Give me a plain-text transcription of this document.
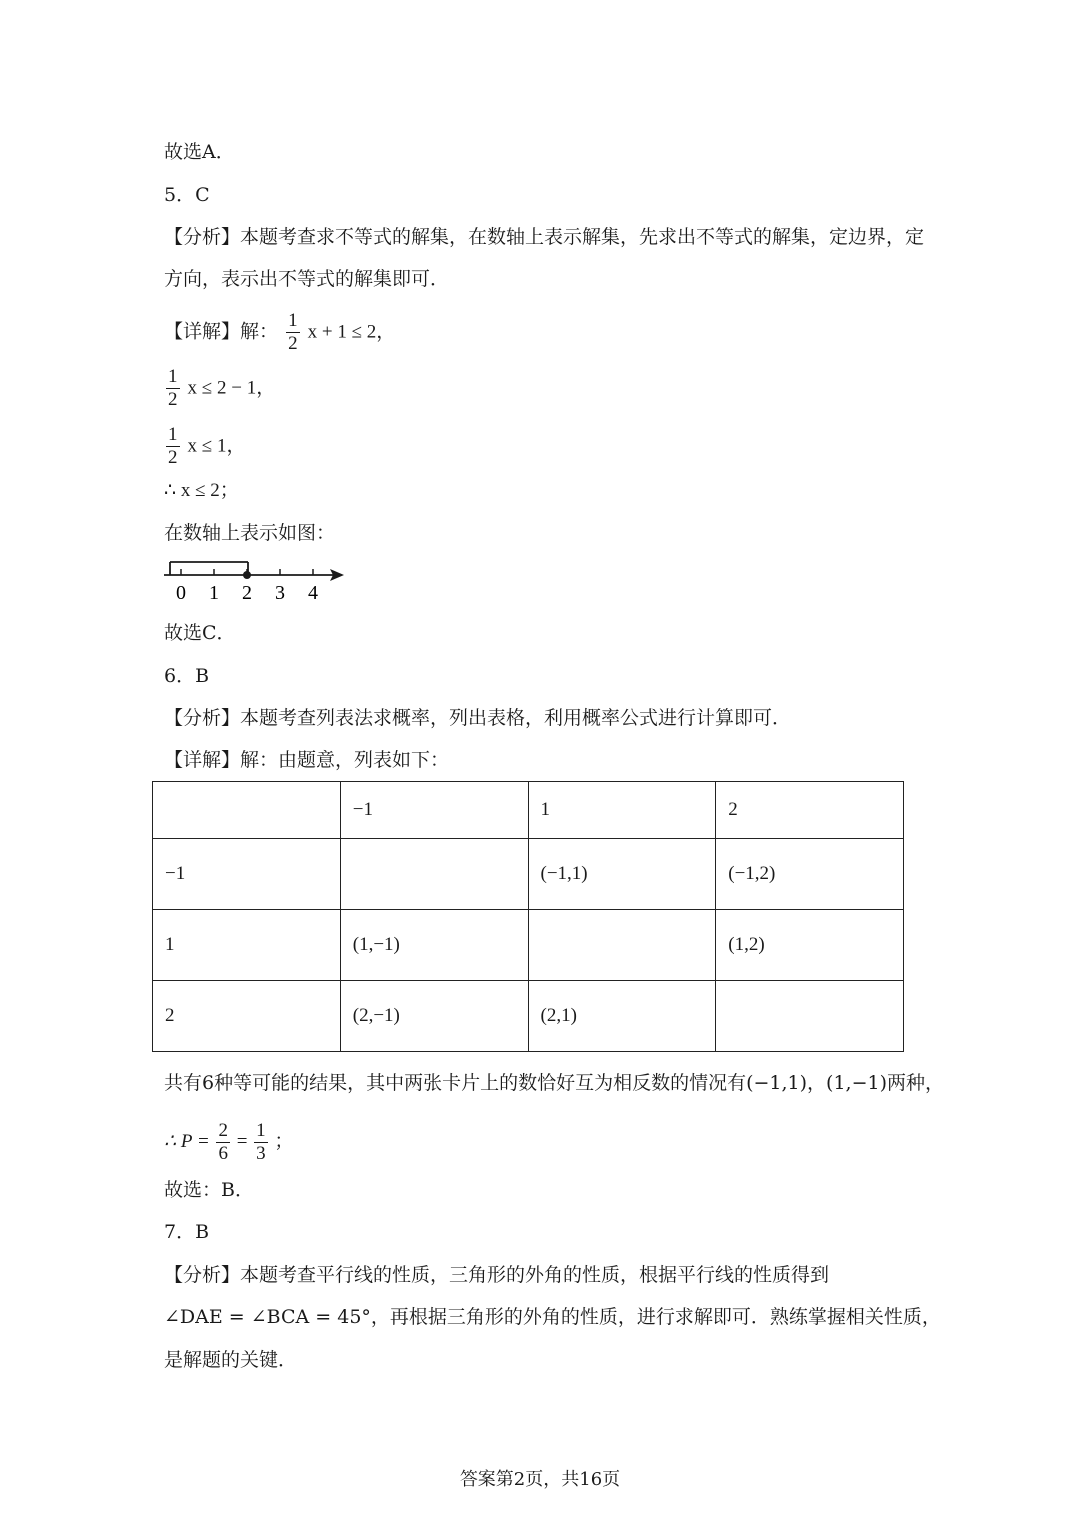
故选A．
5．C
【分析】本题考查求不等式的解集，在数轴上表示解集，先求出不等式的解集，定边界，定
方向，表示出不等式的解集即可．
【详解】解： $\frac{1}{2}$ x + 1 ≤ 2，
$\frac{1}{2}$ x ≤ 2 − 1，
$\frac{1}{2}$ x ≤ 1，
∴ x ≤ 2；
在数轴上表示如图：
0 1 2 3 4
故选C．
6．B
【分析】本题考查列表法求概率，列出表格，利用概率公式进行计算即可．
【详解】解：由题意，列表如下：
	−1	1	2
−1		(−1,1)	(−1,2)
1	(1,−1)		(1,2)
2	(2,−1)	(2,1)	
共有6种等可能的结果，其中两张卡片上的数恰好互为相反数的情况有(−1,1)，(1,−1)两种，
∴ $P = \frac{2}{6} = \frac{1}{3}$ ；
故选：B．
7．B
【分析】本题考查平行线的性质，三角形的外角的性质，根据平行线的性质得到
∠DAE = ∠BCA = 45°，再根据三角形的外角的性质，进行求解即可．熟练掌握相关性质，
是解题的关键．
答案第2页，共16页
